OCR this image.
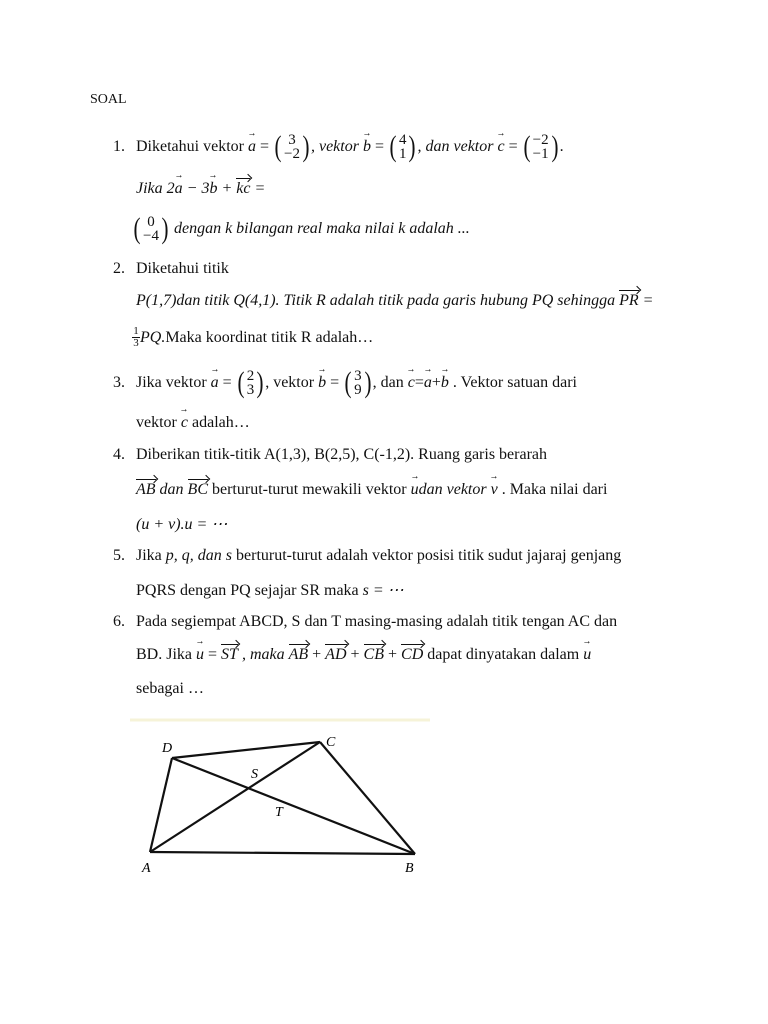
SOAL
1. Diketahui vektor
→ a = ( 3
−2 ) , vektor
→ b = ( 4
1 ) , dan vektor
→ c = ( −2
−1 ) .
Jika 2→ a − 3→ b + kc =
( 0
−4 )
dengan k bilangan real maka nilai k adalah ...
2. Diketahui titik
P(1,7)dan titik Q(4,1). Titik R adalah titik pada garis hubung PQ sehingga PR =
$\frac{1}{3}$ PQ. Maka koordinat titik R adalah…
3. Jika vektor
→ a = ( 2
3 ) , vektor
→ b = ( 3
9 ) , dan
→ c = → a + → b
. Vektor satuan dari
vektor → c adalah…
4. Diberikan titik-titik A(1,3), B(2,5), C(-1,2). Ruang garis berarah
AB dan BC berturut-turut mewakili vektor → udan vektor → v . Maka nilai dari
(u + v).u = ⋯
5. Jika p, q, dan s berturut-turut adalah vektor posisi titik sudut jajaraj genjang
PQRS dengan PQ sejajar SR maka s = ⋯
6. Pada segiempat ABCD, S dan T masing-masing adalah titik tengan AC dan
BD. Jika → u = ST , maka AB + AD + CB + CD dapat dinyatakan dalam → u
sebagai …
D	C
S
T
A	B
